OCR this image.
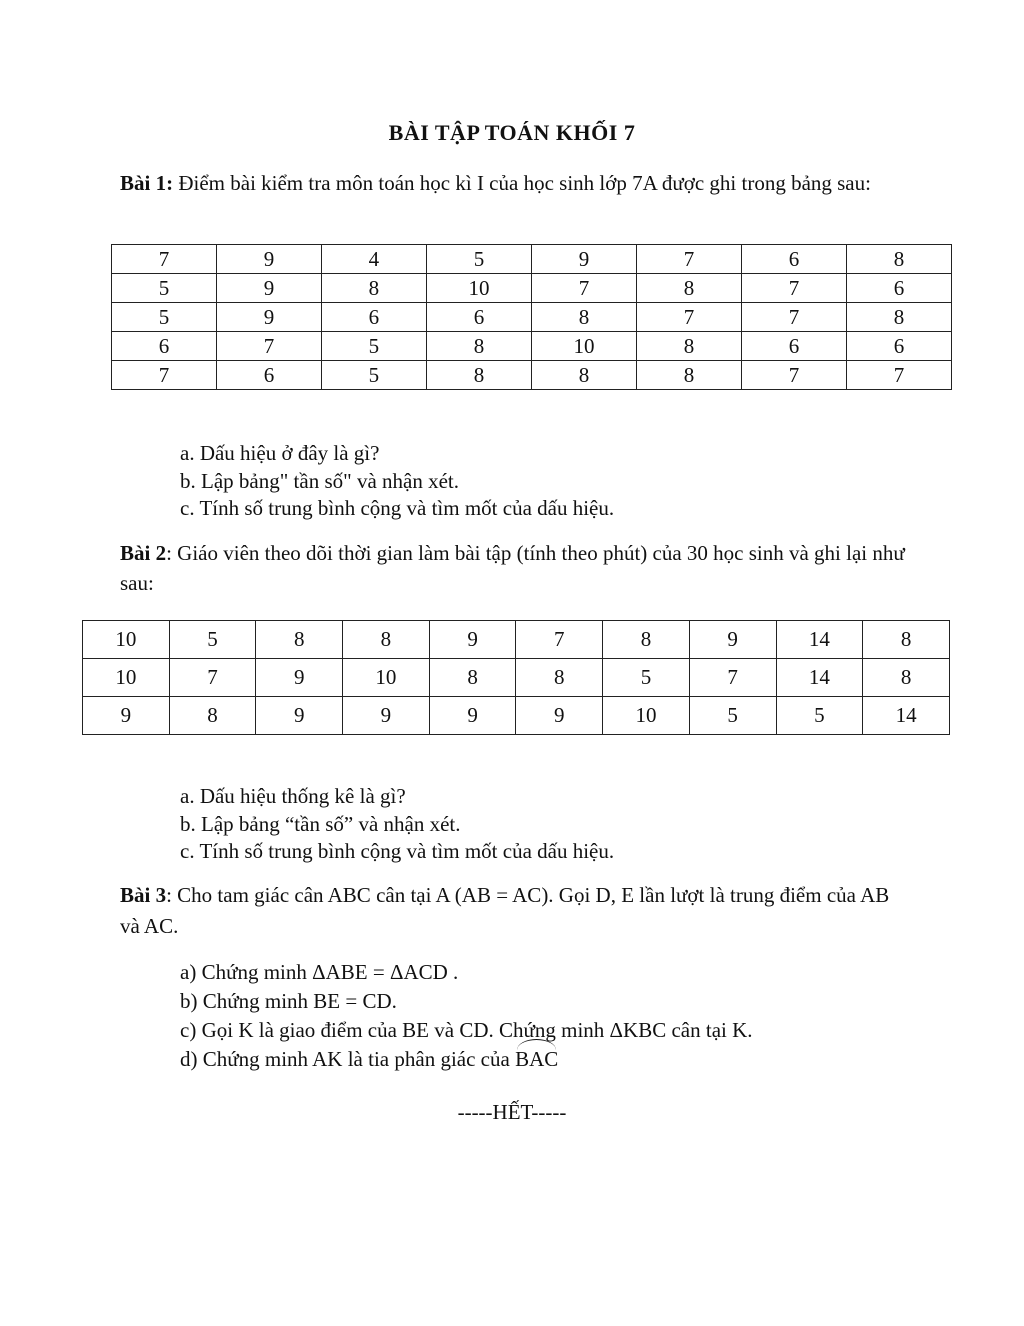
BÀI TẬP TOÁN KHỐI 7
Bài 1: Điểm bài kiểm tra môn toán học kì I của học sinh lớp 7A được ghi trong bảng sau:
7	9	4	5	9	7	6	8
5	9	8	10	7	8	7	6
5	9	6	6	8	7	7	8
6	7	5	8	10	8	6	6
7	6	5	8	8	8	7	7
a. Dấu hiệu ở đây là gì?
b. Lập bảng" tần số" và nhận xét.
c. Tính số trung bình cộng và tìm mốt của dấu hiệu.
Bài 2: Giáo viên theo dõi thời gian làm bài tập (tính theo phút) của 30 học sinh và ghi lại như sau:
10	5	8	8	9	7	8	9	14	8
10	7	9	10	8	8	5	7	14	8
9	8	9	9	9	9	10	5	5	14
a. Dấu hiệu thống kê là gì?
b. Lập bảng “tần số” và nhận xét.
c. Tính số trung bình cộng và tìm mốt của dấu hiệu.
Bài 3: Cho tam giác cân ABC cân tại A (AB = AC). Gọi D, E lần lượt là trung điểm của AB và AC.
a) Chứng minh ΔABE = ΔACD .
b) Chứng minh BE = CD.
c) Gọi K là giao điểm của BE và CD. Chứng minh ΔKBC cân tại K.
d) Chứng minh AK là tia phân giác của BAC
-----HẾT-----
